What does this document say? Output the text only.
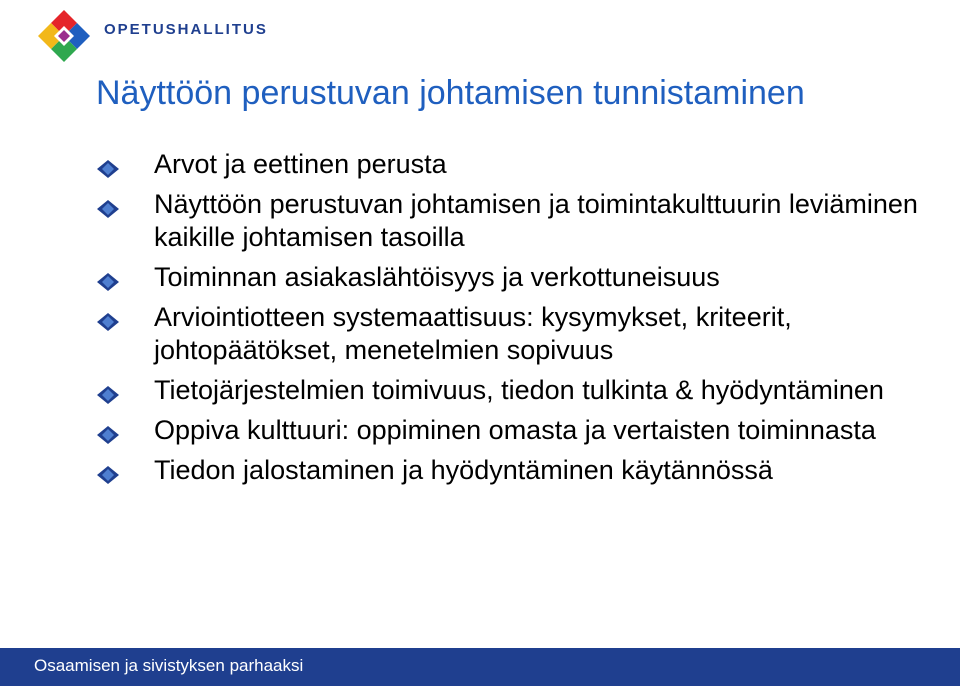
OPETUSHALLITUS
Näyttöön perustuvan johtamisen tunnistaminen
Arvot ja eettinen perusta
Näyttöön perustuvan johtamisen ja toimintakulttuurin leviäminen kaikille johtamisen tasoilla
Toiminnan asiakaslähtöisyys ja verkottuneisuus
Arviointiotteen systemaattisuus: kysymykset, kriteerit, johtopäätökset, menetelmien sopivuus
Tietojärjestelmien toimivuus, tiedon tulkinta & hyödyntäminen
Oppiva kulttuuri: oppiminen omasta ja vertaisten toiminnasta
Tiedon jalostaminen ja hyödyntäminen käytännössä
Anu Räisänen
Osaamisen ja sivistyksen parhaaksi
